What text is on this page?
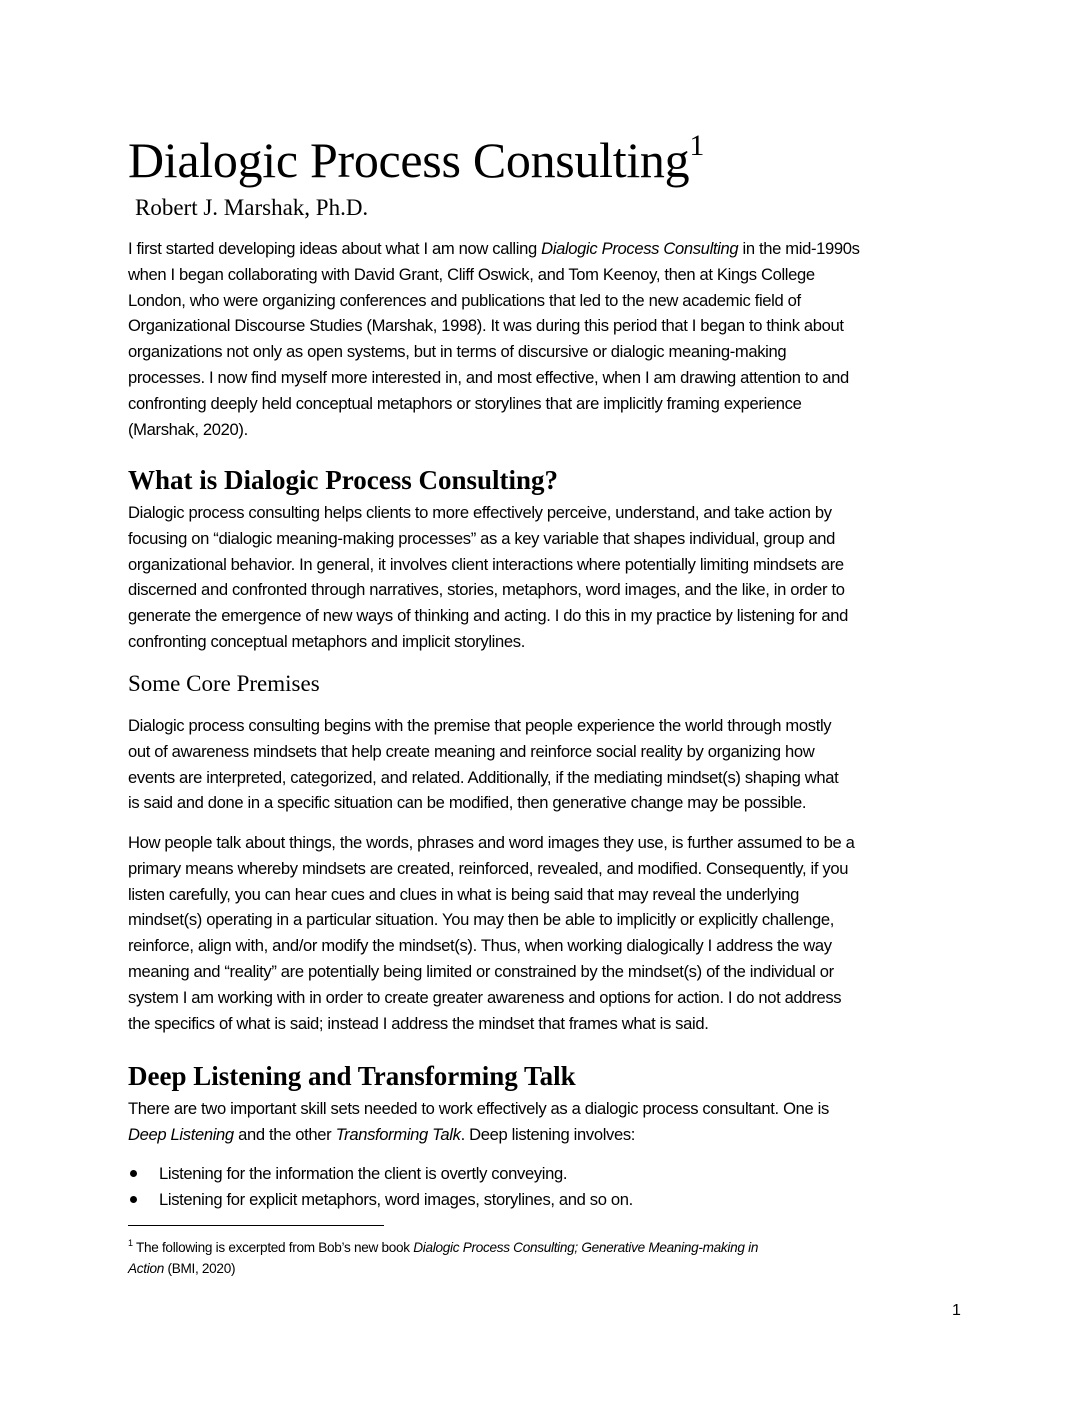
Dialogic Process Consulting$^1$
Robert J. Marshak, Ph.D.
I first started developing ideas about what I am now calling Dialogic Process Consulting in the mid-1990s
when I began collaborating with David Grant, Cliff Oswick, and Tom Keenoy, then at Kings College
London, who were organizing conferences and publications that led to the new academic field of
Organizational Discourse Studies (Marshak, 1998). It was during this period that I began to think about
organizations not only as open systems, but in terms of discursive or dialogic meaning-making
processes. I now find myself more interested in, and most effective, when I am drawing attention to and
confronting deeply held conceptual metaphors or storylines that are implicitly framing experience
(Marshak, 2020).
What is Dialogic Process Consulting?
Dialogic process consulting helps clients to more effectively perceive, understand, and take action by
focusing on “dialogic meaning-making processes” as a key variable that shapes individual, group and
organizational behavior. In general, it involves client interactions where potentially limiting mindsets are
discerned and confronted through narratives, stories, metaphors, word images, and the like, in order to
generate the emergence of new ways of thinking and acting. I do this in my practice by listening for and
confronting conceptual metaphors and implicit storylines.
Some Core Premises
Dialogic process consulting begins with the premise that people experience the world through mostly
out of awareness mindsets that help create meaning and reinforce social reality by organizing how
events are interpreted, categorized, and related. Additionally, if the mediating mindset(s) shaping what
is said and done in a specific situation can be modified, then generative change may be possible.
How people talk about things, the words, phrases and word images they use, is further assumed to be a
primary means whereby mindsets are created, reinforced, revealed, and modified. Consequently, if you
listen carefully, you can hear cues and clues in what is being said that may reveal the underlying
mindset(s) operating in a particular situation. You may then be able to implicitly or explicitly challenge,
reinforce, align with, and/or modify the mindset(s). Thus, when working dialogically I address the way
meaning and “reality” are potentially being limited or constrained by the mindset(s) of the individual or
system I am working with in order to create greater awareness and options for action. I do not address
the specifics of what is said; instead I address the mindset that frames what is said.
Deep Listening and Transforming Talk
There are two important skill sets needed to work effectively as a dialogic process consultant. One is
Deep Listening and the other Transforming Talk. Deep listening involves:
Listening for the information the client is overtly conveying.
Listening for explicit metaphors, word images, storylines, and so on.
$^1$ The following is excerpted from Bob’s new book Dialogic Process Consulting; Generative Meaning-making in
Action (BMI, 2020)
1
